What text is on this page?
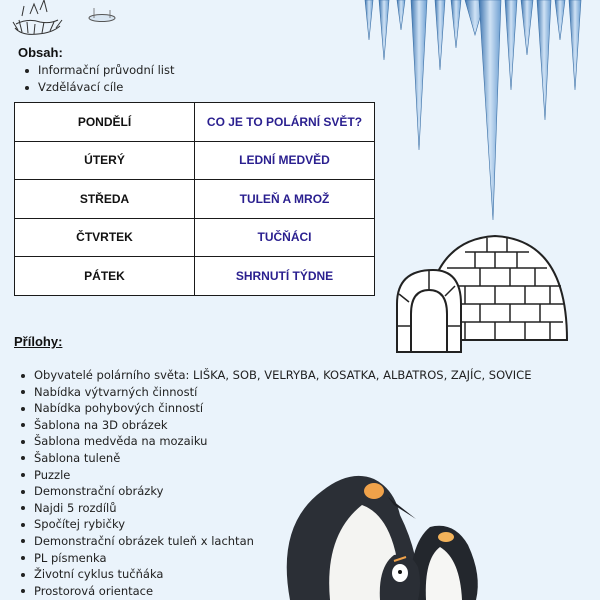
Obsah:
Informační průvodní list
Vzdělávací cíle
PONDĚLÍ	CO JE TO POLÁRNÍ SVĚT?
ÚTERÝ	LEDNÍ MEDVĚD
STŘEDA	TULEŇ A MROŽ
ČTVRTEK	TUČŇÁCI
PÁTEK	SHRNUTÍ TÝDNE
Přílohy:
Obyvatelé polárního světa: LIŠKA, SOB, VELRYBA, KOSATKA, ALBATROS, ZAJÍC, SOVICE
Nabídka výtvarných činností
Nabídka pohybových činností
Šablona na 3D obrázek
Šablona medvěda na mozaiku
Šablona tuleně
Puzzle
Demonstrační obrázky
Najdi 5 rozdílů
Spočítej rybičky
Demonstrační obrázek tuleň x lachtan
PL písmenka
Životní cyklus tučňáka
Prostorová orientace
